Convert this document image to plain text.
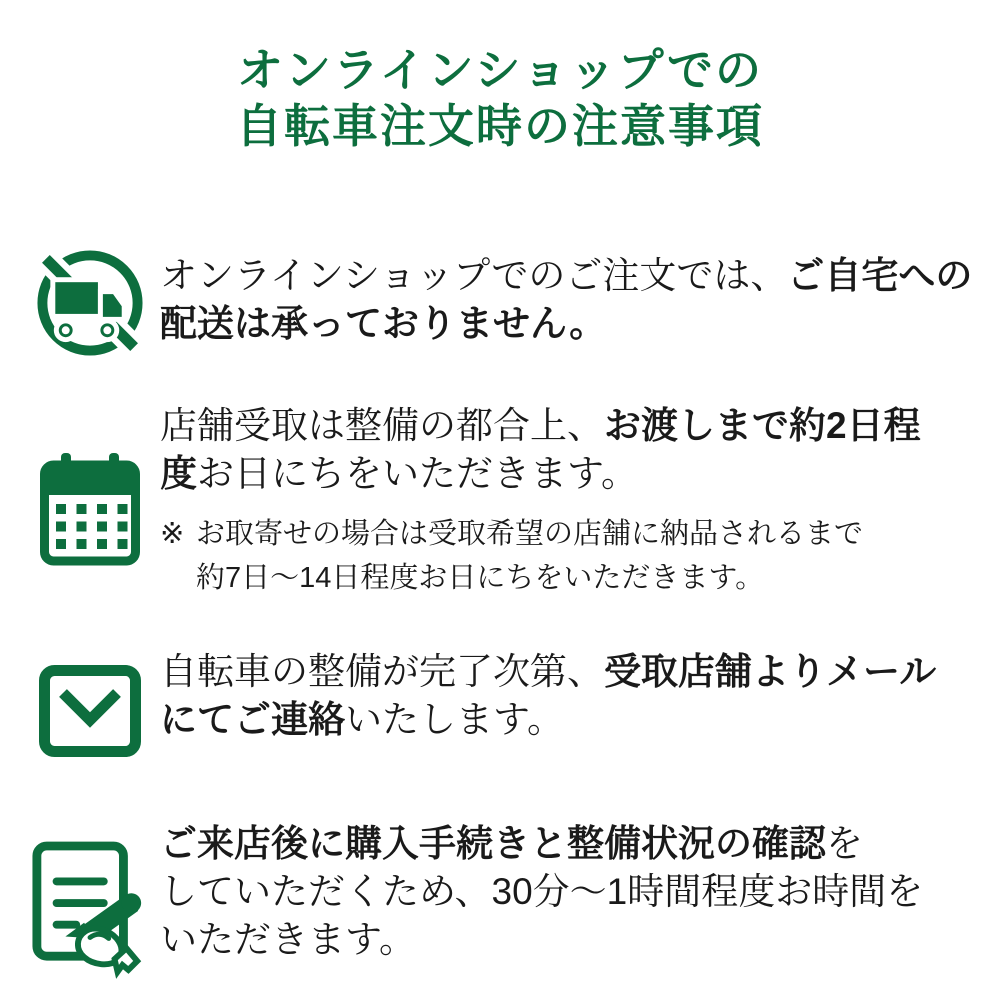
オンラインショップでの
自転車注文時の注意事項

オンラインショップでのご注文では、ご自宅への
配送は承っておりません。

店舗受取は整備の都合上、お渡しまで約2日程
度お日にちをいただきます。

※ お取寄せの場合は受取希望の店舗に納品されるまで
約7日〜14日程度お日にちをいただきます。

自転車の整備が完了次第、受取店舗よりメール
にてご連絡いたします。

ご来店後に購入手続きと整備状況の確認を
していただくため、30分〜1時間程度お時間を
いただきます。
